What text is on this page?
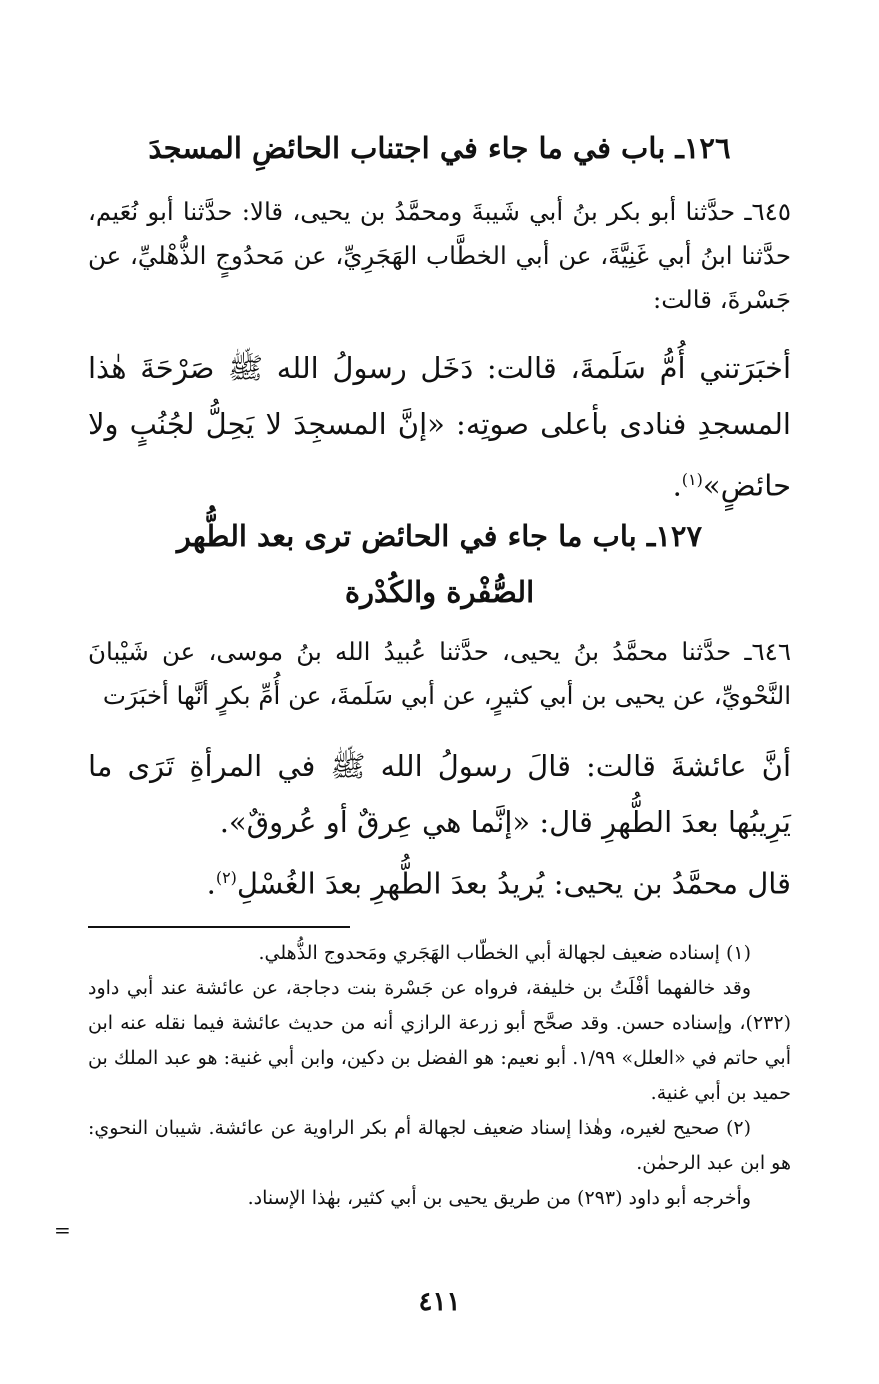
١٢٦ـ باب في ما جاء في اجتناب الحائضِ المسجدَ
٦٤٥ـ حدَّثنا أبو بكر بنُ أبي شَيبةَ ومحمَّدُ بن يحيى، قالا: حدَّثنا أبو نُعَيم، حدَّثنا ابنُ أبي غَنِيَّةَ، عن أبي الخطَّاب الهَجَرِيِّ، عن مَحدُوجٍ الذُّهْليِّ، عن جَسْرةَ، قالت:
أخبَرَتني أُمُّ سَلَمةَ، قالت: دَخَل رسولُ الله ﷺ صَرْحَةَ هٰذا المسجدِ فنادى بأعلى صوتِه: «إنَّ المسجِدَ لا يَحِلُّ لجُنُبٍ ولا حائضٍ»$^{(١)}$.
١٢٧ـ باب ما جاء في الحائض ترى بعد الطُّهر
الصُّفْرة والكُدْرة
٦٤٦ـ حدَّثنا محمَّدُ بنُ يحيى، حدَّثنا عُبيدُ الله بنُ موسى، عن شَيْبانَ النَّحْويِّ، عن يحيى بن أبي كثيرٍ، عن أبي سَلَمةَ، عن أُمِّ بكرٍ أنَّها أخبَرَت
أنَّ عائشةَ قالت: قالَ رسولُ الله ﷺ في المرأةِ تَرَى ما يَرِيبُها بعدَ الطُّهرِ قال: «إنَّما هي عِرقٌ أو عُروقٌ».
قال محمَّدُ بن يحيى: يُريدُ بعدَ الطُّهرِ بعدَ الغُسْلِ$^{(٢)}$.

(١) إسناده ضعيف لجهالة أبي الخطّاب الهَجَري ومَحدوج الذُّهلي.

وقد خالفهما أفْلَتُ بن خليفة، فرواه عن جَسْرة بنت دجاجة، عن عائشة عند أبي داود (٢٣٢)، وإسناده حسن. وقد صحَّح أبو زرعة الرازي أنه من حديث عائشة فيما نقله عنه ابن أبي حاتم في «العلل» ١/٩٩. أبو نعيم: هو الفضل بن دكين، وابن أبي غنية: هو عبد الملك بن حميد بن أبي غنية.

(٢) صحيح لغيره، وهٰذا إسناد ضعيف لجهالة أم بكر الراوية عن عائشة. شيبان النحوي: هو ابن عبد الرحمٰن.

وأخرجه أبو داود (٢٩٣) من طريق يحيى بن أبي كثير، بهٰذا الإسناد.

=
٤١١
